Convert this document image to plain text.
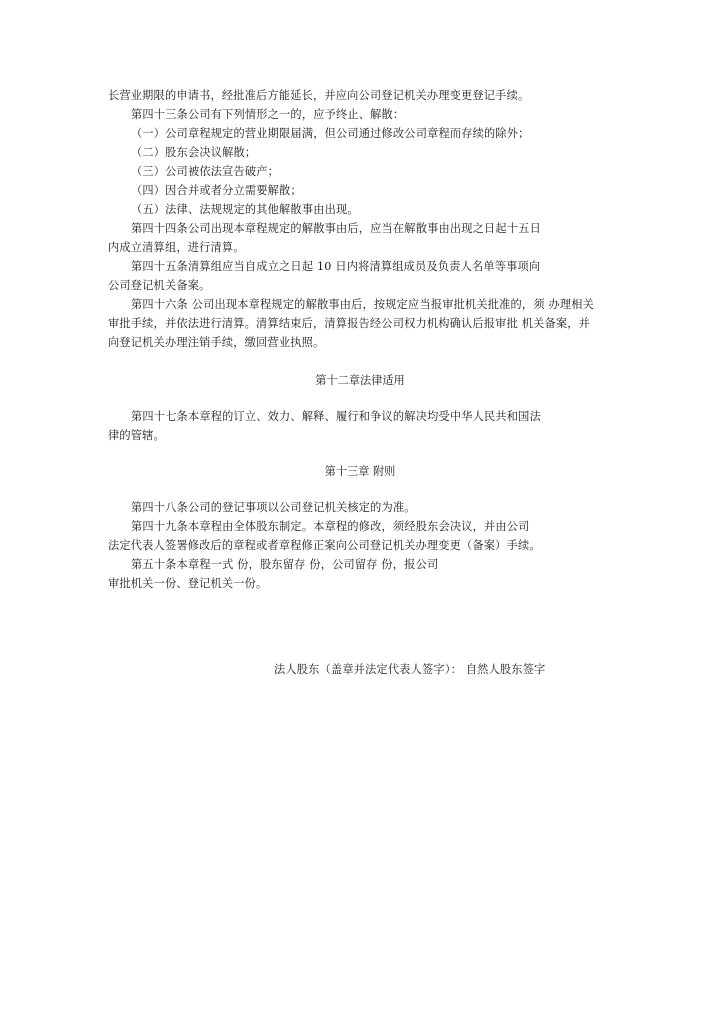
长营业期限的申请书，经批准后方能延长，并应向公司登记机关办理变更登记手续。
第四十三条公司有下列情形之一的，应予终止、解散：
（一）公司章程规定的营业期限届满，但公司通过修改公司章程而存续的除外；
（二）股东会决议解散；
（三）公司被依法宣告破产；
（四）因合并或者分立需要解散；
（五）法律、法规规定的其他解散事由出现。
第四十四条公司出现本章程规定的解散事由后，应当在解散事由出现之日起十五日
内成立清算组，进行清算。
第四十五条清算组应当自成立之日起 10 日内将清算组成员及负责人名单等事项向
公司登记机关备案。
第四十六条 公司出现本章程规定的解散事由后，按规定应当报审批机关批准的，须 办理相关
审批手续，并依法进行清算。清算结束后，清算报告经公司权力机构确认后报审批 机关备案，并
向登记机关办理注销手续，缴回营业执照。
第十二章法律适用
第四十七条本章程的订立、效力、解释、履行和争议的解决均受中华人民共和国法
律的管辖。
第十三章 附则
第四十八条公司的登记事项以公司登记机关核定的为准。
第四十九条本章程由全体股东制定。本章程的修改，须经股东会决议，并由公司
法定代表人签署修改后的章程或者章程修正案向公司登记机关办理变更（备案）手续。
第五十条本章程一式 份，股东留存 份，公司留存 份，报公司
审批机关一份、登记机关一份。
法人股东（盖章并法定代表人签字）： 自然人股东签字
